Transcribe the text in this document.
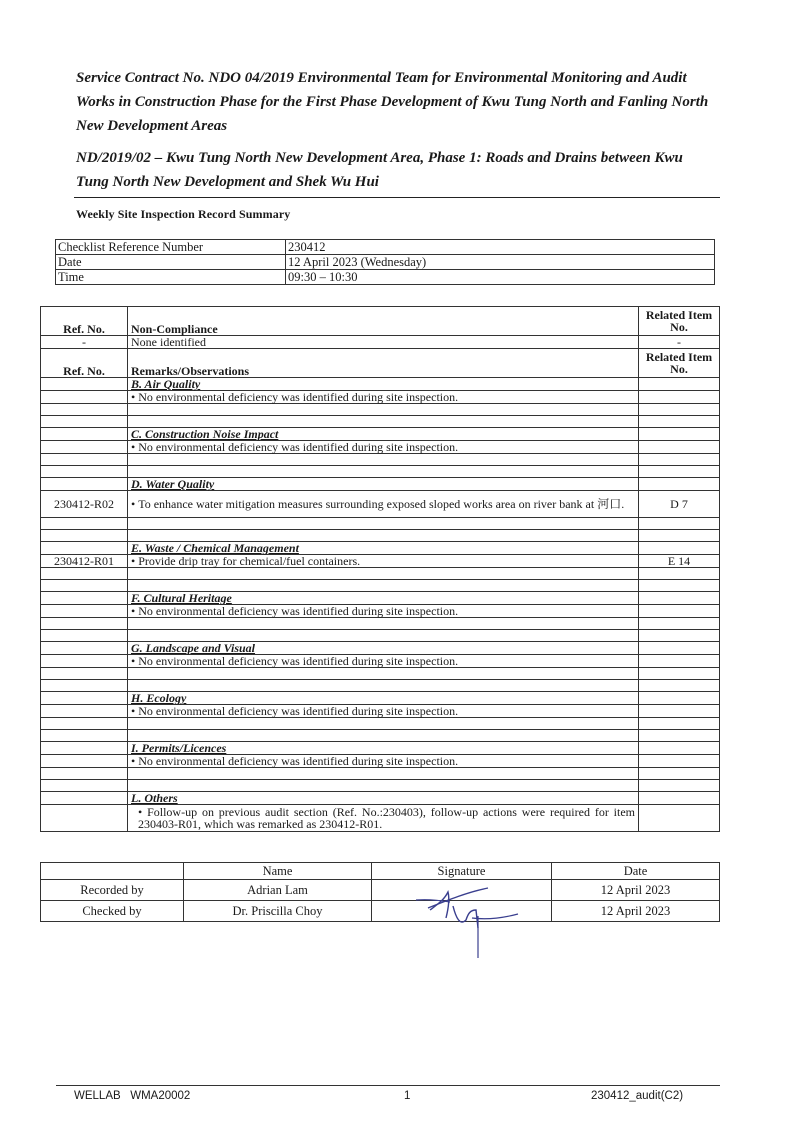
Service Contract No. NDO 04/2019 Environmental Team for Environmental Monitoring and Audit Works in Construction Phase for the First Phase Development of Kwu Tung North and Fanling North New Development Areas
ND/2019/02 – Kwu Tung North New Development Area, Phase 1: Roads and Drains between Kwu Tung North New Development and Shek Wu Hui
Weekly Site Inspection Record Summary
Checklist Reference Number	230412
Date	12 April 2023 (Wednesday)
Time	09:30 – 10:30
Ref. No.	Non-Compliance	Related Item No.
-	None identified	-
Ref. No.	Remarks/Observations	Related Item No.
	B. Air Quality	
	• No environmental deficiency was identified during site inspection.	

	C. Construction Noise Impact	
	• No environmental deficiency was identified during site inspection.	

	D. Water Quality	
230412-R02	• To enhance water mitigation measures surrounding exposed sloped works area on river bank at 河口.	D 7

	E. Waste / Chemical Management	
230412-R01	• Provide drip tray for chemical/fuel containers.	E 14

	F. Cultural Heritage	
	• No environmental deficiency was identified during site inspection.	

	G. Landscape and Visual	
	• No environmental deficiency was identified during site inspection.	

	H. Ecology	
	• No environmental deficiency was identified during site inspection.	

	I. Permits/Licences	
	• No environmental deficiency was identified during site inspection.	

	L. Others	
	• Follow-up on previous audit section (Ref. No.:230403), follow-up actions were required for item 230403-R01, which was remarked as 230412-R01.	
	Name	Signature	Date
Recorded by	Adrian Lam		12 April 2023
Checked by	Dr. Priscilla Choy		12 April 2023
WELLAB   WMA20002	1	230412_audit(C2)
